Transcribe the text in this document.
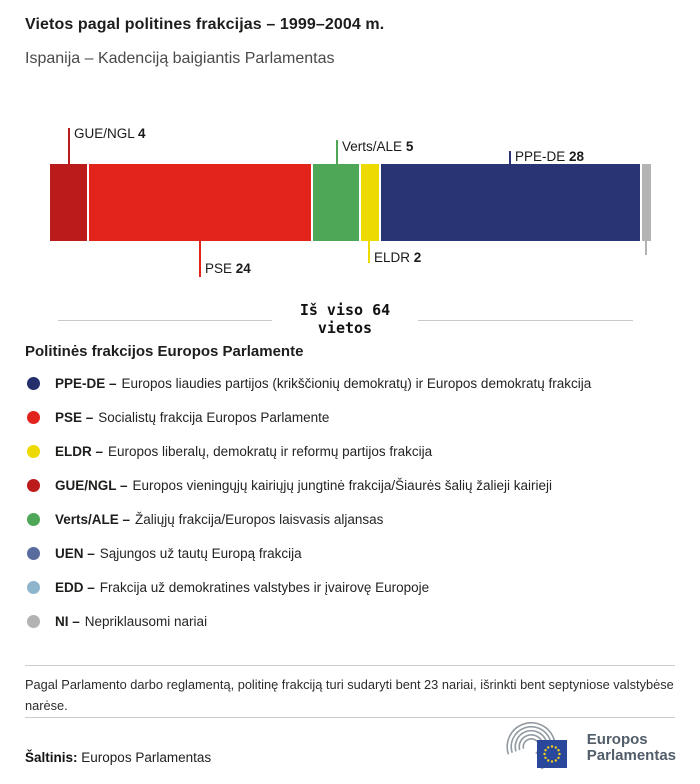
Vietos pagal politines frakcijas – 1999–2004 m.
Ispanija – Kadenciją baigiantis Parlamentas
GUE/NGL 4
PSE 24
Verts/ALE 5
ELDR 2
PPE-DE 28
Iš viso 64
vietos
Politinės frakcijos Europos Parlamente
PPE-DE – Europos liaudies partijos (krikščionių demokratų) ir Europos demokratų frakcija
PSE – Socialistų frakcija Europos Parlamente
ELDR – Europos liberalų, demokratų ir reformų partijos frakcija
GUE/NGL – Europos vieningųjų kairiųjų jungtinė frakcija/Šiaurės šalių žalieji kairieji
Verts/ALE – Žaliųjų frakcija/Europos laisvasis aljansas
UEN – Sąjungos už tautų Europą frakcija
EDD – Frakcija už demokratines valstybes ir įvairovę Europoje
NI – Nepriklausomi nariai
Pagal Parlamento darbo reglamentą, politinę frakciją turi sudaryti bent 23 nariai, išrinkti bent septyniose valstybėse narėse.
Šaltinis: Europos Parlamentas
Europos
Parlamentas
